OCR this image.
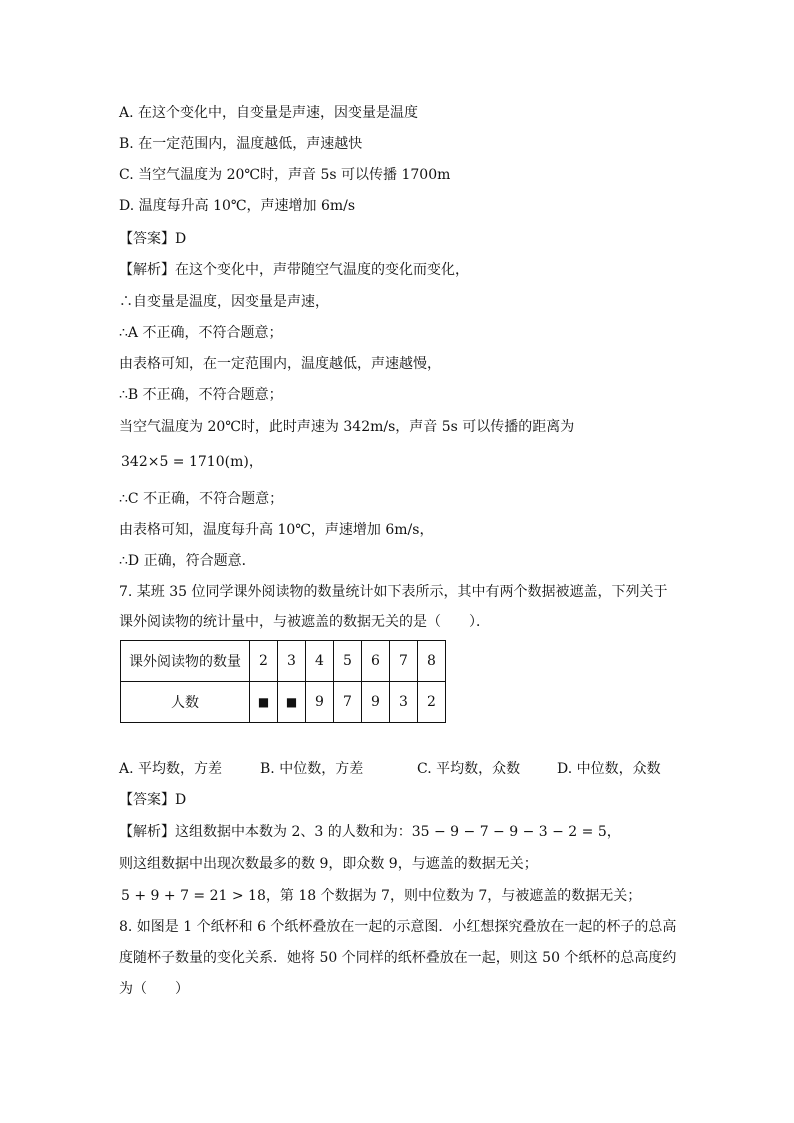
A. 在这个变化中，自变量是声速，因变量是温度
B. 在一定范围内，温度越低，声速越快
C. 当空气温度为 20℃时，声音 5s 可以传播 1700m
D. 温度每升高 10℃，声速增加 6m/s
【答案】D
【解析】在这个变化中，声带随空气温度的变化而变化，
∴自变量是温度，因变量是声速，
∴A 不正确，不符合题意；
由表格可知，在一定范围内，温度越低，声速越慢，
∴B 不正确，不符合题意；
当空气温度为 20℃时，此时声速为 342m/s，声音 5s 可以传播的距离为
342×5 = 1710(m)，
∴C 不正确，不符合题意；
由表格可知，温度每升高 10℃，声速增加 6m/s，
∴D 正确，符合题意．
7. 某班 35 位同学课外阅读物的数量统计如下表所示，其中有两个数据被遮盖，下列关于
课外阅读物的统计量中，与被遮盖的数据无关的是（　　）．
课外阅读物的数量	2	3	4	5	6	7	8
人数	■	■	9	7	9	3	2
A. 平均数，方差	B. 中位数，方差	C. 平均数，众数	D. 中位数，众数
【答案】D
【解析】这组数据中本数为 2、3 的人数和为：35 − 9 − 7 − 9 − 3 − 2 = 5，
则这组数据中出现次数最多的数 9，即众数 9，与遮盖的数据无关；
5 + 9 + 7 = 21 > 18，第 18 个数据为 7，则中位数为 7，与被遮盖的数据无关；
8. 如图是 1 个纸杯和 6 个纸杯叠放在一起的示意图．小红想探究叠放在一起的杯子的总高
度随杯子数量的变化关系．她将 50 个同样的纸杯叠放在一起，则这 50 个纸杯的总高度约
为（　　）
